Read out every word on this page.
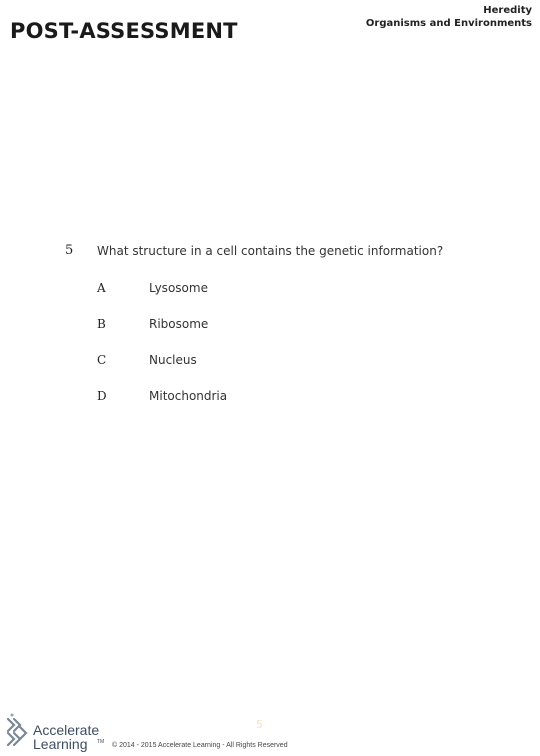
POST-ASSESSMENT
Heredity
Organisms and Environments
5 What structure in a cell contains the genetic information?
A	Lysosome
B	Ribosome
C	Nucleus
D	Mitochondria
5
Accelerate
Learning TM © 2014 - 2015 Accelerate Learning - All Rights Reserved
